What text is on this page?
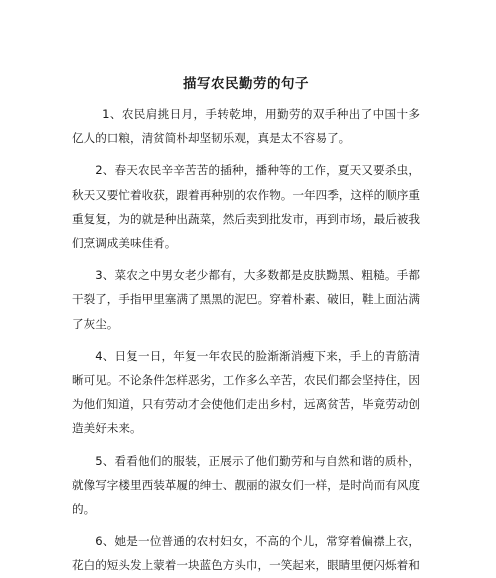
描写农民勤劳的句子

1、农民肩挑日月，手转乾坤，用勤劳的双手种出了中国十多亿人的口粮，清贫简朴却坚韧乐观，真是太不容易了。

2、春天农民辛辛苦苦的插种，播种等的工作，夏天又要杀虫，秋天又要忙着收获，跟着再种别的农作物。一年四季，这样的顺序重重复复，为的就是种出蔬菜，然后卖到批发市，再到市场，最后被我们烹调成美味佳肴。

3、菜农之中男女老少都有，大多数都是皮肤黝黑、粗糙。手都干裂了，手指甲里塞满了黑黑的泥巴。穿着朴素、破旧，鞋上面沾满了灰尘。

4、日复一日，年复一年农民的脸渐渐消瘦下来，手上的青筋清晰可见。不论条件怎样恶劣，工作多么辛苦，农民们都会坚持住，因为他们知道，只有劳动才会使他们走出乡村，远离贫苦，毕竟劳动创造美好未来。

5、看看他们的服装，正展示了他们勤劳和与自然和谐的质朴，就像写字楼里西装革履的绅士、靓丽的淑女们一样，是时尚而有风度的。

6、她是一位普通的农村妇女，不高的个儿，常穿着偏襟上衣，花白的短头发上蒙着一块蓝色方头巾，一笑起来，眼睛里便闪烁着和
